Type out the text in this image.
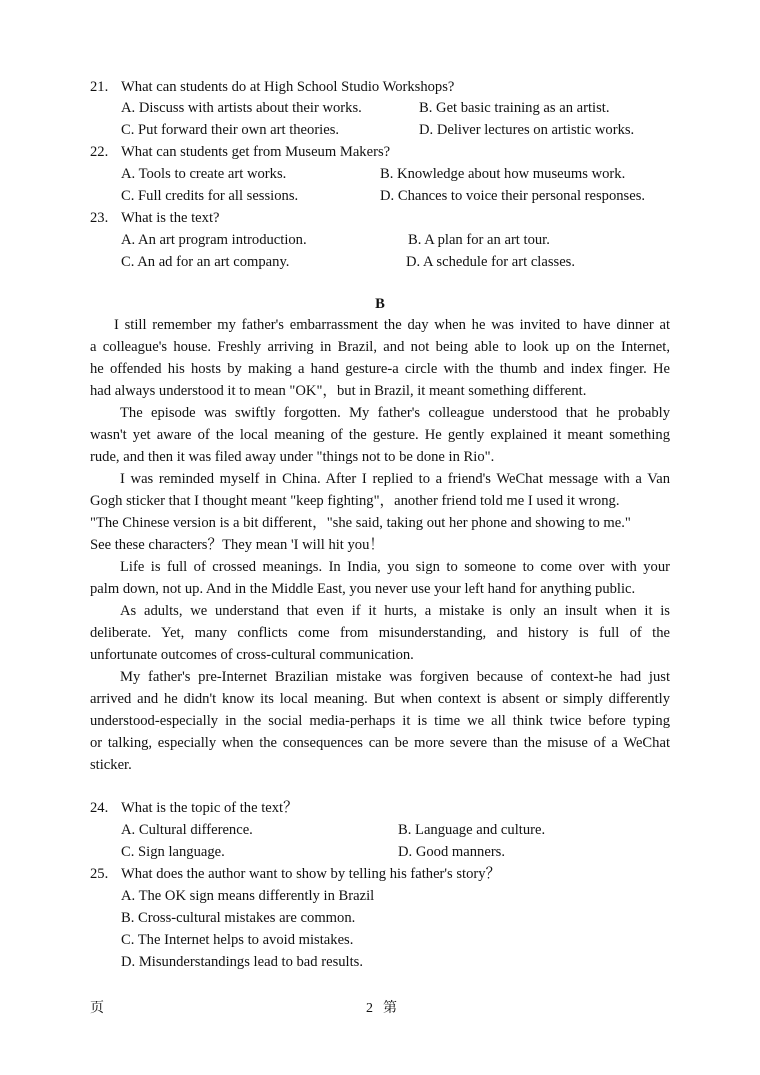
21. What can students do at High School Studio Workshops?
A. Discuss with artists about their works.	B. Get basic training as an artist.
C. Put forward their own art theories.	D. Deliver lectures on artistic works.
22. What can students get from Museum Makers?
A. Tools to create art works.	B. Knowledge about how museums work.
C. Full credits for all sessions.	D. Chances to voice their personal responses.
23. What is the text?
A. An art program introduction.	B. A plan for an art tour.
C. An ad for an art company.	D. A schedule for art classes.
B
I still remember my father's embarrassment the day when he was invited to have dinner at
a colleague's house. Freshly arriving in Brazil, and not being able to look up on the Internet,
he offended his hosts by making a hand gesture-a circle with the thumb and index finger. He
had always understood it to mean "OK"，but in Brazil, it meant something different.
The episode was swiftly forgotten. My father's colleague understood that he probably
wasn't yet aware of the local meaning of the gesture. He gently explained it meant something
rude, and then it was filed away under "things not to be done in Rio".
I was reminded myself in China. After I replied to a friend's WeChat message with a Van
Gogh sticker that I thought meant "keep fighting"，another friend told me I used it wrong.
"The Chinese version is a bit different，"she said, taking out her phone and showing to me."
See these characters？They mean 'I will hit you！
Life is full of crossed meanings. In India, you sign to someone to come over with your
palm down, not up. And in the Middle East, you never use your left hand for anything public.
As adults, we understand that even if it hurts, a mistake is only an insult when it is
deliberate. Yet, many conflicts come from misunderstanding, and history is full of the
unfortunate outcomes of cross-cultural communication.
My father's pre-Internet Brazilian mistake was forgiven because of context-he had just
arrived and he didn't know its local meaning. But when context is absent or simply differently
understood-especially in the social media-perhaps it is time we all think twice before typing
or talking, especially when the consequences can be more severe than the misuse of a WeChat
sticker.
24. What is the topic of the text？
A. Cultural difference.	B. Language and culture.
C. Sign language.	D. Good manners.
25. What does the author want to show by telling his father's story？
A. The OK sign means differently in Brazil
B. Cross-cultural mistakes are common.
C. The Internet helps to avoid mistakes.
D. Misunderstandings lead to bad results.
页	2 第
